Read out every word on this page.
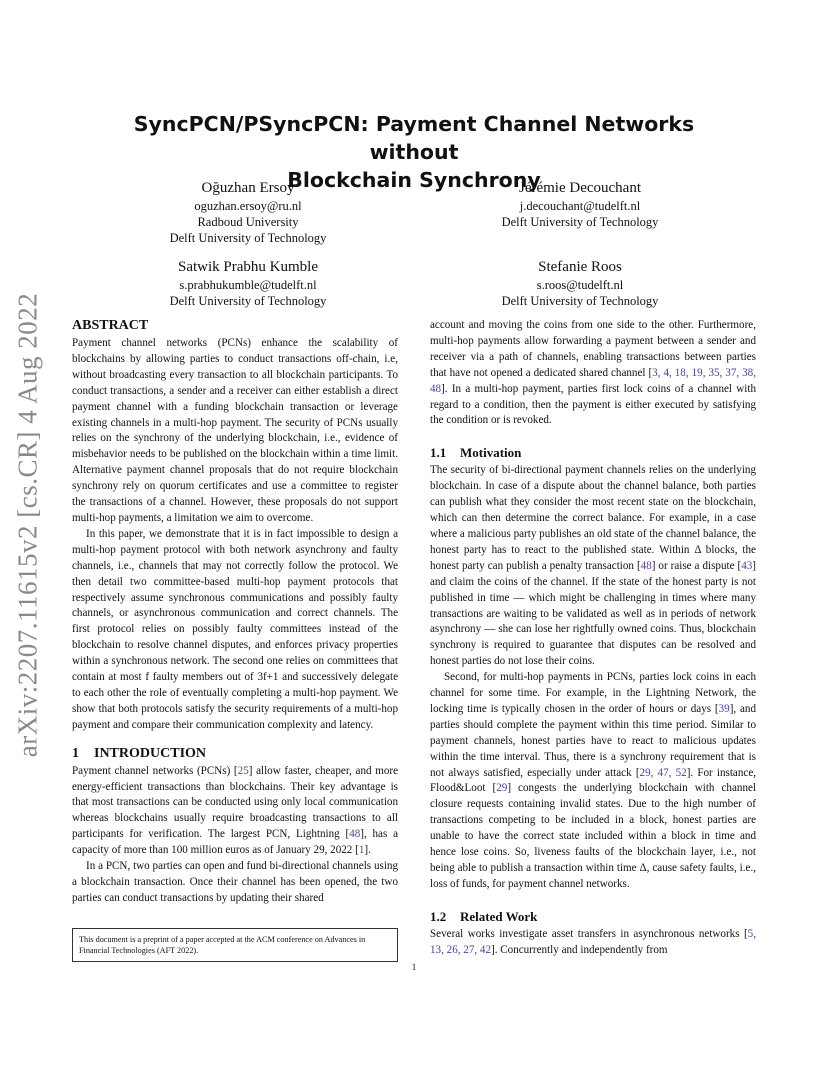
arXiv:2207.11615v2 [cs.CR] 4 Aug 2022
SyncPCN/PSyncPCN: Payment Channel Networks without
Blockchain Synchrony
Oğuzhan Ersoy
oguzhan.ersoy@ru.nl
Radboud University
Delft University of Technology
Jérémie Decouchant
j.decouchant@tudelft.nl
Delft University of Technology
Satwik Prabhu Kumble
s.prabhukumble@tudelft.nl
Delft University of Technology
Stefanie Roos
s.roos@tudelft.nl
Delft University of Technology
ABSTRACT

Payment channel networks (PCNs) enhance the scalability of blockchains by allowing parties to conduct transactions off-chain, i.e, without broadcasting every transaction to all blockchain participants. To conduct transactions, a sender and a receiver can either establish a direct payment channel with a funding blockchain transaction or leverage existing channels in a multi-hop payment. The security of PCNs usually relies on the synchrony of the underlying blockchain, i.e., evidence of misbehavior needs to be published on the blockchain within a time limit. Alternative payment channel proposals that do not require blockchain synchrony rely on quorum certificates and use a committee to register the transactions of a channel. However, these proposals do not support multi-hop payments, a limitation we aim to overcome.

In this paper, we demonstrate that it is in fact impossible to design a multi-hop payment protocol with both network asynchrony and faulty channels, i.e., channels that may not correctly follow the protocol. We then detail two committee-based multi-hop payment protocols that respectively assume synchronous communications and possibly faulty channels, or asynchronous communication and correct channels. The first protocol relies on possibly faulty committees instead of the blockchain to resolve channel disputes, and enforces privacy properties within a synchronous network. The second one relies on committees that contain at most f faulty members out of 3f+1 and successively delegate to each other the role of eventually completing a multi-hop payment. We show that both protocols satisfy the security requirements of a multi-hop payment and compare their communication complexity and latency.

1 INTRODUCTION

Payment channel networks (PCNs) [25] allow faster, cheaper, and more energy-efficient transactions than blockchains. Their key advantage is that most transactions can be conducted using only local communication whereas blockchains usually require broadcasting transactions to all participants for verification. The largest PCN, Lightning [48], has a capacity of more than 100 million euros as of January 29, 2022 [1].

In a PCN, two parties can open and fund bi-directional channels using a blockchain transaction. Once their channel has been opened, the two parties can conduct transactions by updating their shared

account and moving the coins from one side to the other. Furthermore, multi-hop payments allow forwarding a payment between a sender and receiver via a path of channels, enabling transactions between parties that have not opened a dedicated shared channel [3, 4, 18, 19, 35, 37, 38, 48]. In a multi-hop payment, parties first lock coins of a channel with regard to a condition, then the payment is either executed by satisfying the condition or is revoked.

1.1 Motivation

The security of bi-directional payment channels relies on the underlying blockchain. In case of a dispute about the channel balance, both parties can publish what they consider the most recent state on the blockchain, which can then determine the correct balance. For example, in a case where a malicious party publishes an old state of the channel balance, the honest party has to react to the published state. Within Δ blocks, the honest party can publish a penalty transaction [48] or raise a dispute [43] and claim the coins of the channel. If the state of the honest party is not published in time — which might be challenging in times where many transactions are waiting to be validated as well as in periods of network asynchrony — she can lose her rightfully owned coins. Thus, blockchain synchrony is required to guarantee that disputes can be resolved and honest parties do not lose their coins.

Second, for multi-hop payments in PCNs, parties lock coins in each channel for some time. For example, in the Lightning Network, the locking time is typically chosen in the order of hours or days [39], and parties should complete the payment within this time period. Similar to payment channels, honest parties have to react to malicious updates within the time interval. Thus, there is a synchrony requirement that is not always satisfied, especially under attack [29, 47, 52]. For instance, Flood&Loot [29] congests the underlying blockchain with channel closure requests containing invalid states. Due to the high number of transactions competing to be included in a block, honest parties are unable to have the correct state included within a block in time and hence lose coins. So, liveness faults of the blockchain layer, i.e., not being able to publish a transaction within time Δ, cause safety faults, i.e., loss of funds, for payment channel networks.

1.2 Related Work

Several works investigate asset transfers in asynchronous networks [5, 13, 26, 27, 42]. Concurrently and independently from

This document is a preprint of a paper accepted at the ACM conference on Advances in Financial Technologies (AFT 2022).

1
